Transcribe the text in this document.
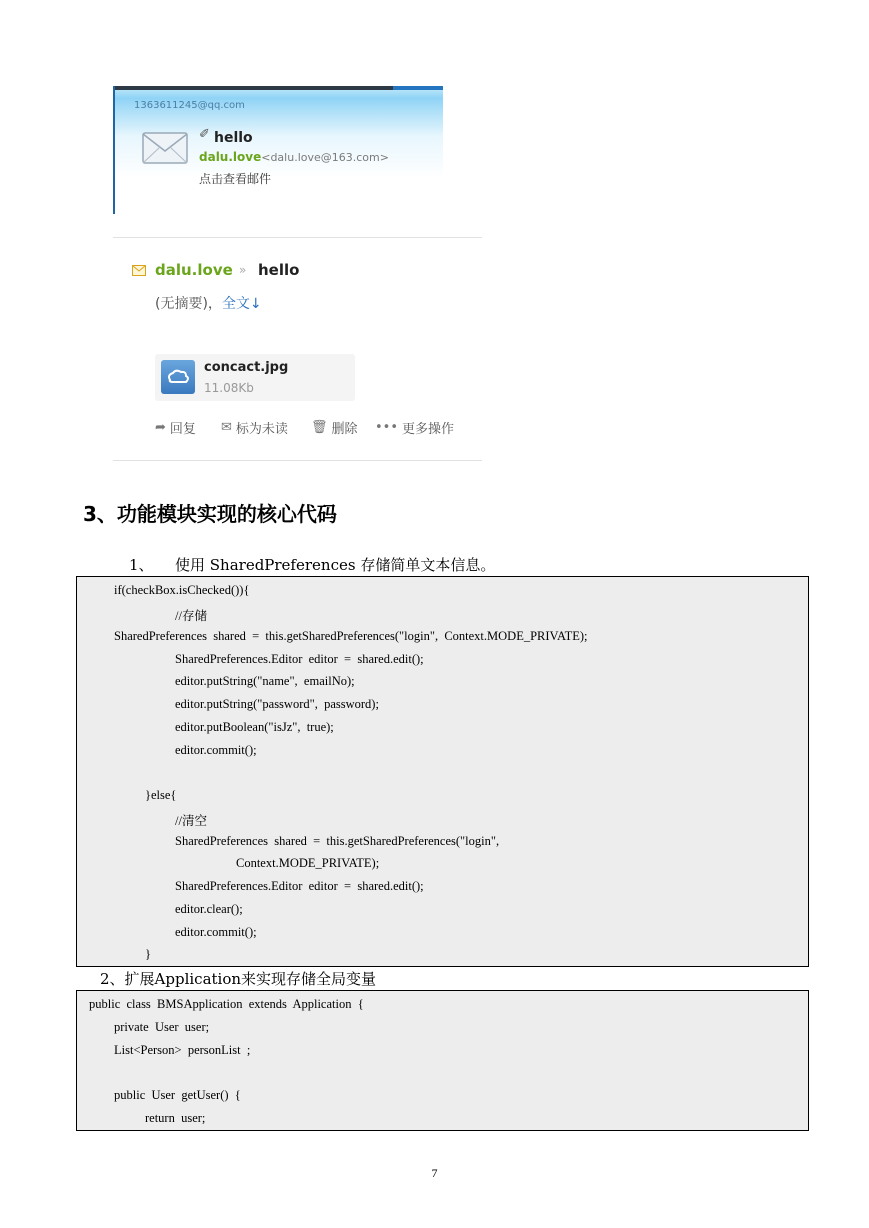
1363611245@qq.com
✐ hello
dalu.love<dalu.love@163.com>
点击查看邮件
dalu.love » hello
(无摘要)，全文↓
concact.jpg
11.08Kb
➦ 回复 ✉ 标为未读 🗑︎ 删除 ••• 更多操作
3、功能模块实现的核心代码
1、 使用 SharedPreferences 存储简单文本信息。
if(checkBox.isChecked()){
//存储
SharedPreferences  shared  =  this.getSharedPreferences("login",  Context.MODE_PRIVATE);
SharedPreferences.Editor  editor  =  shared.edit();
editor.putString("name",  emailNo);
editor.putString("password",  password);
editor.putBoolean("isJz",  true);
editor.commit();
}else{
//清空
SharedPreferences  shared  =  this.getSharedPreferences("login",
Context.MODE_PRIVATE);
SharedPreferences.Editor  editor  =  shared.edit();
editor.clear();
editor.commit();
}
2、扩展Application来实现存储全局变量
public  class  BMSApplication  extends  Application  {
private  User  user;
List<Person>  personList  ;
public  User  getUser()  {
return  user;
7
